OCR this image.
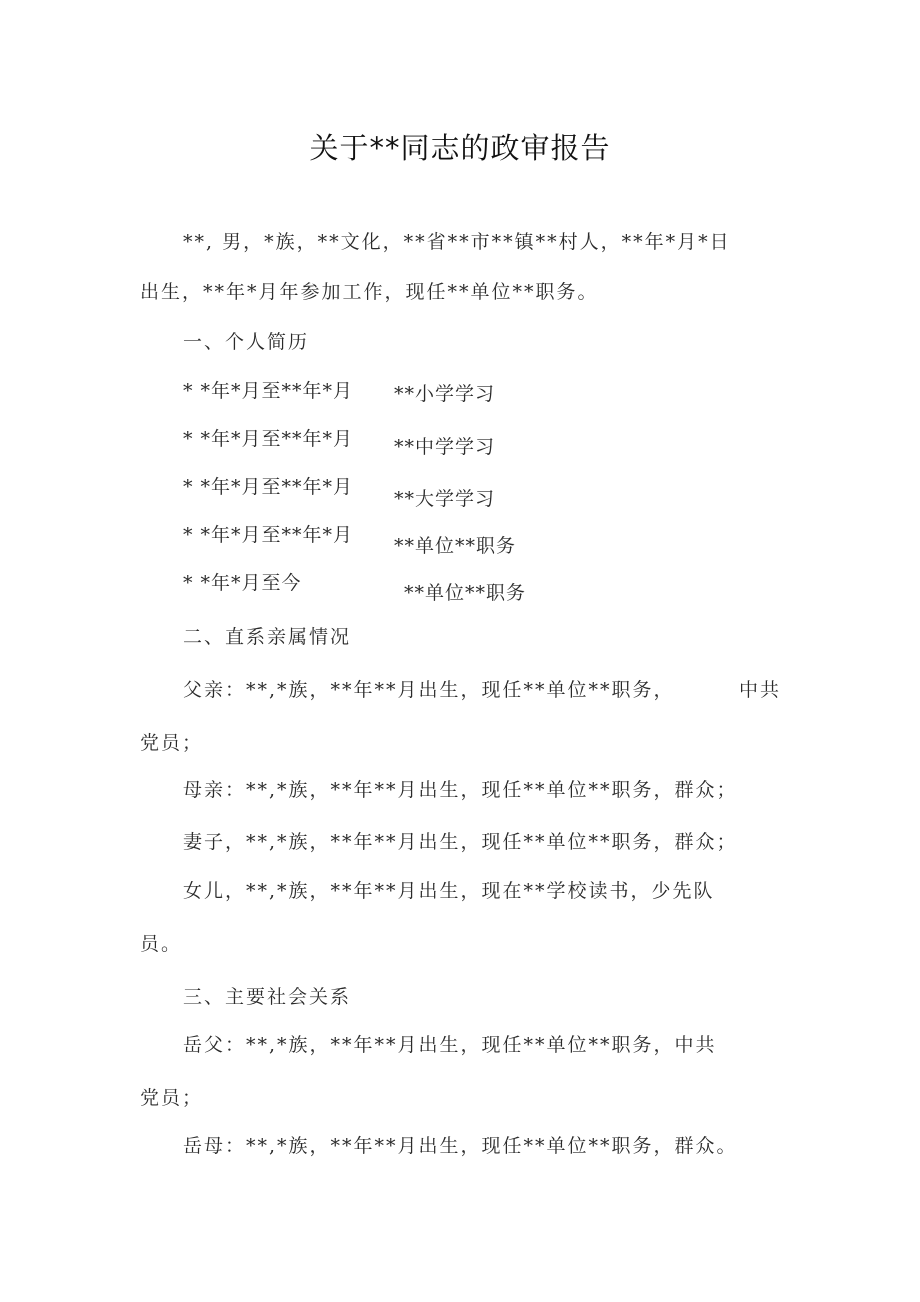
关于**同志的政审报告
**, 男，*族，**文化，**省**市**镇**村人，**年*月*日
出生，**年*月年参加工作，现任**单位**职务。
一、个人简历
* *年*月至**年*月 **小学学习
* *年*月至**年*月 **中学学习
* *年*月至**年*月
**大学学习
* *年*月至**年*月 **单位**职务
* *年*月至今	**单位**职务
二、直系亲属情况
父亲：**,*族，**年**月出生，现任**单位**职务，	中共
党员；
母亲：**,*族，**年**月出生，现任**单位**职务，群众；
妻子，**,*族，**年**月出生，现任**单位**职务，群众；
女儿，**,*族，**年**月出生，现在**学校读书，少先队
员。
三、主要社会关系
岳父：**,*族，**年**月出生，现任**单位**职务，中共
党员；
岳母：**,*族，**年**月出生，现任**单位**职务，群众。
